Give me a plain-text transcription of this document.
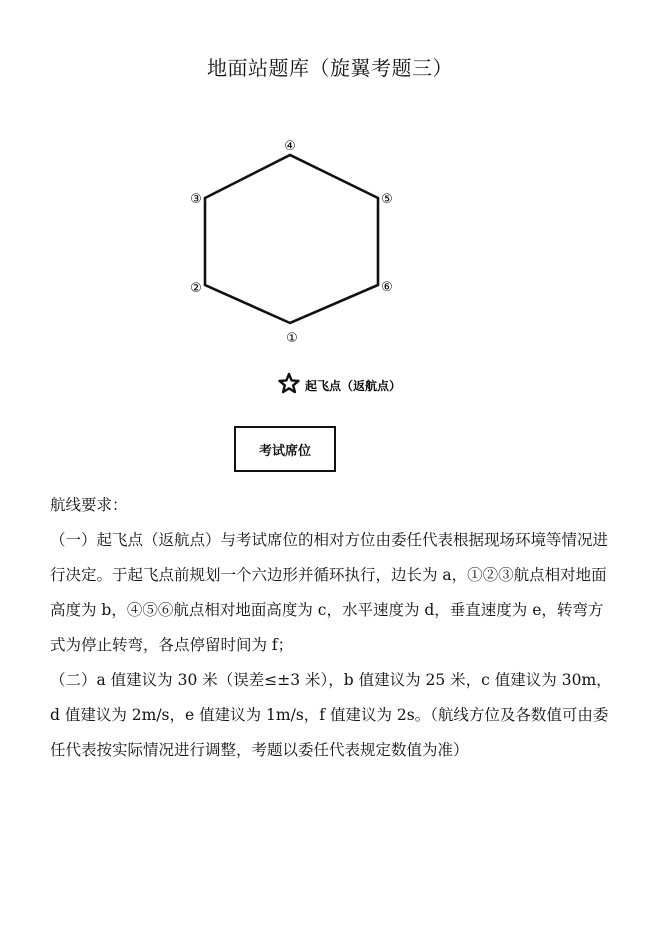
地面站题库（旋翼考题三）
①
②
③
④
⑤
⑥
起飞点（返航点）
考试席位

航线要求：

（一）起飞点（返航点）与考试席位的相对方位由委任代表根据现场环境等情况进行决定。于起飞点前规划一个六边形并循环执行，边长为 a，①②③航点相对地面高度为 b，④⑤⑥航点相对地面高度为 c，水平速度为 d，垂直速度为 e，转弯方式为停止转弯，各点停留时间为 f；

（二）a 值建议为 30 米（误差≤±3 米），b 值建议为 25 米，c 值建议为 30m，d 值建议为 2m/s，e 值建议为 1m/s，f 值建议为 2s。（航线方位及各数值可由委任代表按实际情况进行调整，考题以委任代表规定数值为准）
